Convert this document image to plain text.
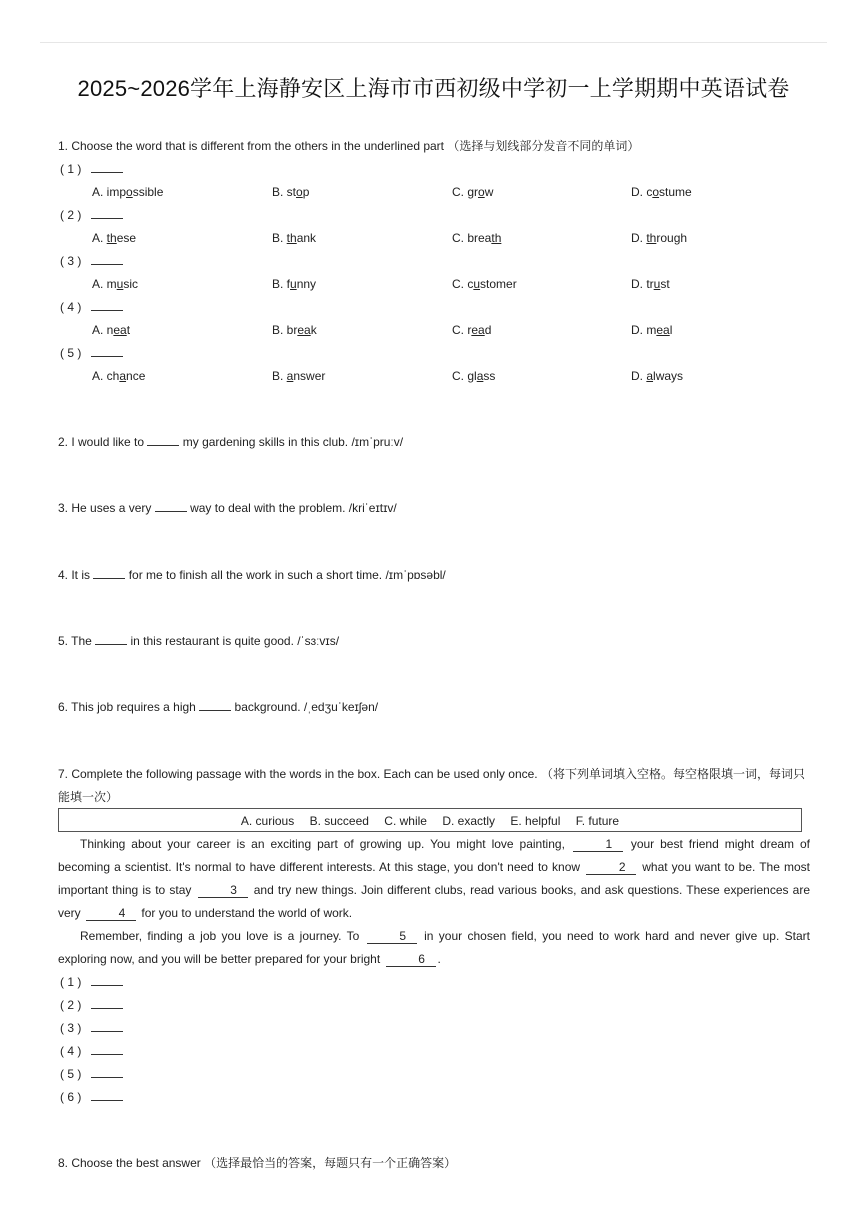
2025~2026学年上海静安区上海市市西初级中学初一上学期期中英语试卷
1. Choose the word that is different from the others in the underlined part （选择与划线部分发音不同的单词）
( 1 )
A. impossible	B. stop	C. grow	D. costume
( 2 )
A. these	B. thank	C. breath	D. through
( 3 )
A. music	B. funny	C. customer	D. trust
( 4 )
A. neat	B. break	C. read	D. meal
( 5 )
A. chance	B. answer	C. glass	D. always
2. I would like to	my gardening skills in this club. /ɪmˈpruːv/
3. He uses a very	way to deal with the problem. /kriˈeɪtɪv/
4. It is	for me to finish all the work in such a short time. /ɪmˈpɒsəbl/
5. The	in this restaurant is quite good. /ˈsɜːvɪs/
6. This job requires a high	background. /ˌedʒuˈkeɪʃən/
7. Complete the following passage with the words in the box. Each can be used only once. （将下列单词填入空格。每空格限填一词，每词只
能填一次）
A. curious B. succeed C. while D. exactly E. helpful F. future
Thinking about your career is an exciting part of growing up. You might love painting,	1 your best friend might dream of becoming a scientist. It's normal to have different interests. At this stage, you don't need to know	2 what you want to be. The most important thing is to stay	3 and try new things. Join different clubs, read various books, and ask questions. These experiences are very	4 for you to understand the world of work.
Remember, finding a job you love is a journey. To	5 in your chosen field, you need to work hard and never give up. Start exploring now, and you will be better prepared for your bright	6 .
( 1 )
( 2 )
( 3 )
( 4 )
( 5 )
( 6 )
8. Choose the best answer （选择最恰当的答案，每题只有一个正确答案）
